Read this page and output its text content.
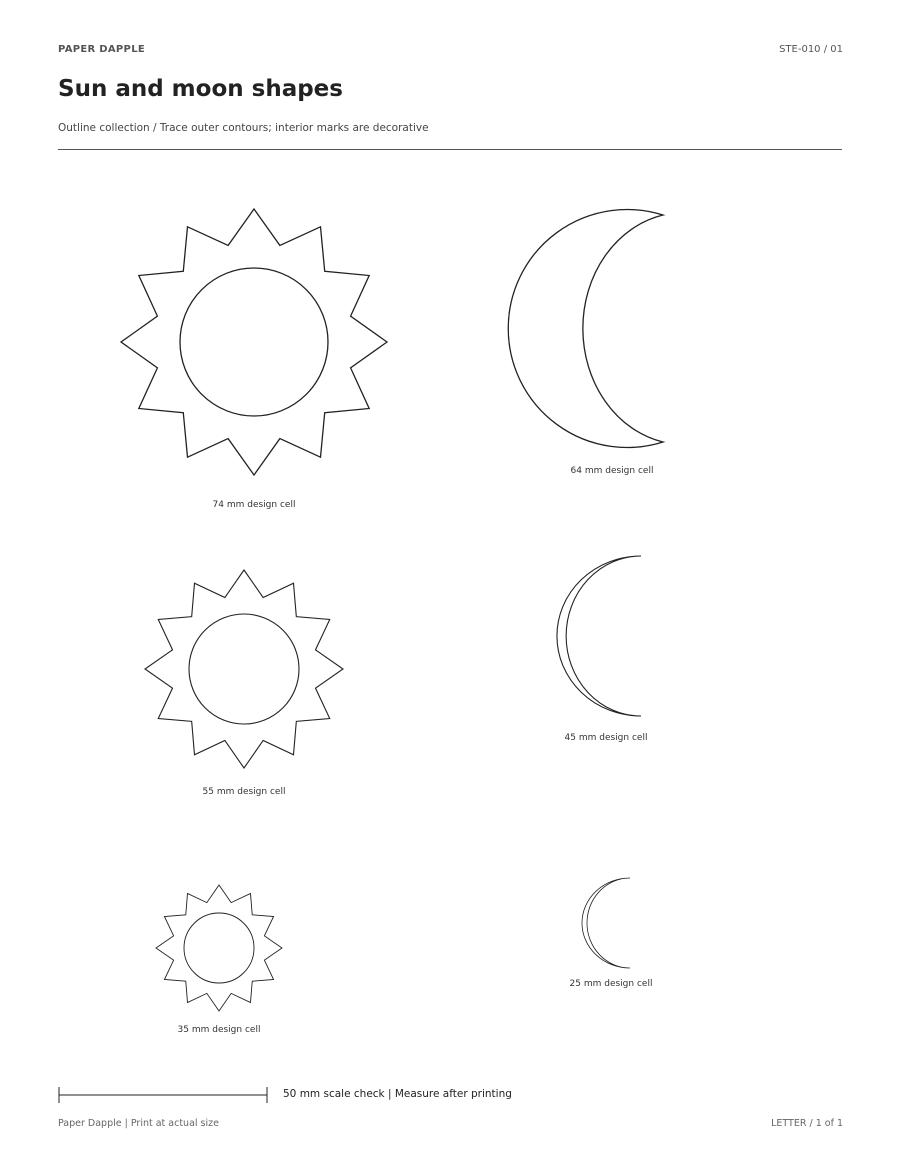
PAPER DAPPLE	STE-010 / 01
Sun and moon shapes
Outline collection / Trace outer contours; interior marks are decorative
74 mm design cell
64 mm design cell
55 mm design cell
45 mm design cell
35 mm design cell
25 mm design cell
50 mm scale check | Measure after printing
Paper Dapple | Print at actual size	LETTER / 1 of 1
